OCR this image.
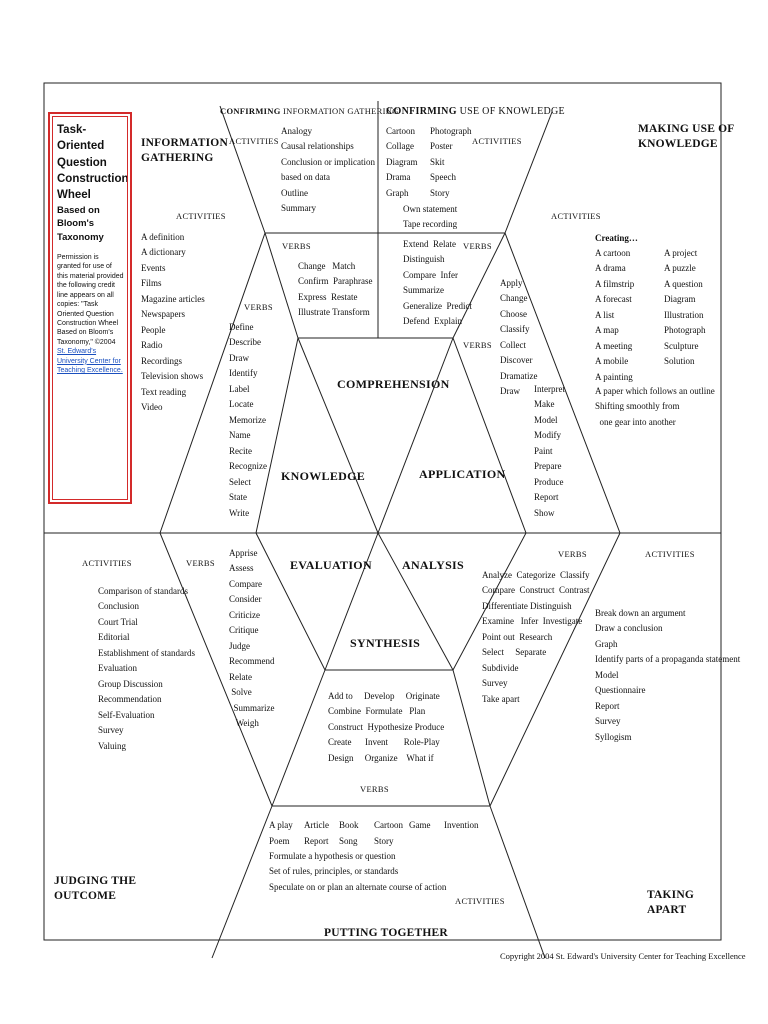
Task-
Oriented
Question
Construction
Wheel
Based on
Bloom's
Taxonomy
Permission is granted for use of this material provided the following credit line appears on all copies: "Task Oriented Question Construction Wheel Based on Bloom's Taxonomy," ©2004 St. Edward's University Center for Teaching Excellence.
COMPREHENSION
KNOWLEDGE	APPLICATION
EVALUATION	ANALYSIS
SYNTHESIS
INFORMATION
GATHERING
MAKING USE OF
KNOWLEDGE
JUDGING THE
OUTCOME	TAKING
APART
PUTTING TOGETHER
CONFIRMING INFORMATION GATHERING
CONFIRMING USE OF KNOWLEDGE
ACTIVITIES	ACTIVITIES
ACTIVITIES	ACTIVITIES
VERBS	VERBS
VERBS
VERBS
ACTIVITIES	VERBS
VERBS	ACTIVITIES
VERBS
ACTIVITIES
A definition
A dictionary
Events
Films
Magazine articles
Newspapers
People
Radio
Recordings
Television shows
Text reading
Video
Define
Describe
Draw
Identify
Label
Locate
Memorize
Name
Recite
Recognize
Select
State
Write
Analogy
Causal relationships
Conclusion or implication
based on data
Outline
Summary
Change   Match
Confirm  Paraphrase
Express  Restate
Illustrate Transform
Cartoon
Collage
Diagram
Drama
Graph
Photograph
Poster
Skit
Speech
Story
Own statement
Tape recording
Extend  Relate
Distinguish
Compare  Infer
Summarize
Generalize  Predict
Defend  Explain
Apply
Change
Choose
Classify
Collect
Discover
Dramatize
Draw	Interpret
Make
Model
Modify
Paint
Prepare
Produce
Report
Show
Creating…
A cartoon
A drama
A filmstrip
A forecast
A list
A map
A meeting
A mobile
A painting
A project
A puzzle
A question
Diagram
Illustration
Photograph
Sculpture
Solution
A paper which follows an outline
Shifting smoothly from
one gear into another
Comparison of standards
Conclusion
Court Trial
Editorial
Establishment of standards
Evaluation
Group Discussion
Recommendation
Self-Evaluation
Survey
Valuing
Apprise
Assess
Compare
Consider
Criticize
Critique
Judge
Recommend
Relate
Solve
Summarize
Weigh
Analyze  Categorize  Classify
Compare  Construct  Contrast
Differentiate Distinguish
Examine   Infer  Investigate
Point out  Research
Select     Separate
Subdivide
Survey
Take apart
Break down an argument
Draw a conclusion
Graph
Identify parts of a propaganda statement
Model
Questionnaire
Report
Survey
Syllogism
Add to     Develop     Originate
Combine  Formulate   Plan
Construct  Hypothesize Produce
Create      Invent       Role-Play
Design     Organize    What if
A play Article Book Cartoon Game Invention
Poem Report Song Story
Formulate a hypothesis or question
Set of rules, principles, or standards
Speculate on or plan an alternate course of action
Copyright 2004 St. Edward's University Center for Teaching Excellence
